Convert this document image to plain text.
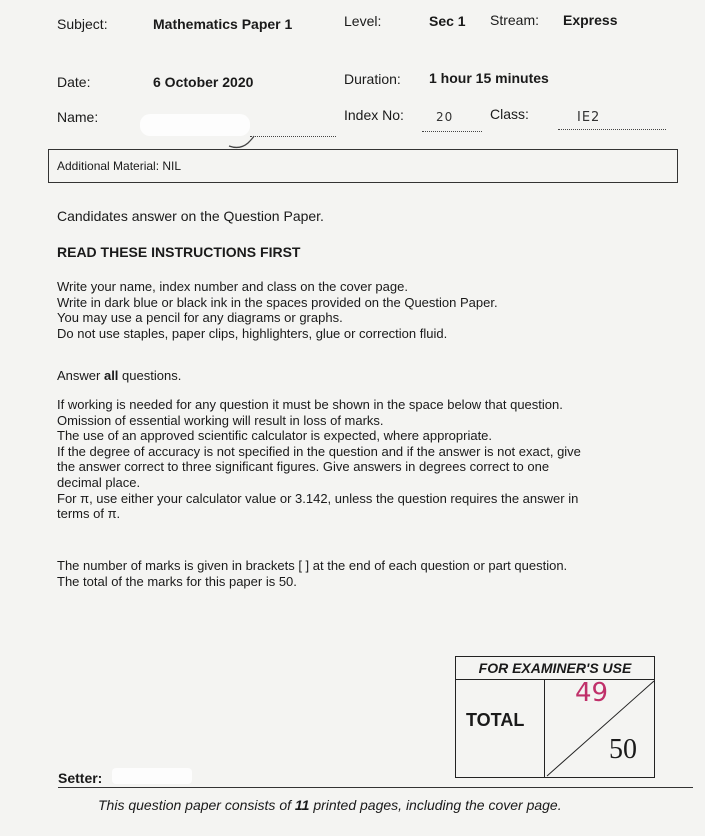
Subject:	Mathematics Paper 1	Level:	Sec 1 Stream: Express
Date:	6 October 2020	Duration: 1 hour 15 minutes
Name:	Index No:	20	Class:	IE2
Additional Material: NIL
Candidates answer on the Question Paper.
READ THESE INSTRUCTIONS FIRST
Write your name, index number and class on the cover page.
Write in dark blue or black ink in the spaces provided on the Question Paper.
You may use a pencil for any diagrams or graphs.
Do not use staples, paper clips, highlighters, glue or correction fluid.
Answer all questions.
If working is needed for any question it must be shown in the space below that question.
Omission of essential working will result in loss of marks.
The use of an approved scientific calculator is expected, where appropriate.
If the degree of accuracy is not specified in the question and if the answer is not exact, give
the answer correct to three significant figures. Give answers in degrees correct to one
decimal place.
For π, use either your calculator value or 3.142, unless the question requires the answer in
terms of π.
The number of marks is given in brackets [ ] at the end of each question or part question.
The total of the marks for this paper is 50.
FOR EXAMINER'S USE
TOTAL
49
50
Setter:
This question paper consists of 11 printed pages, including the cover page.
